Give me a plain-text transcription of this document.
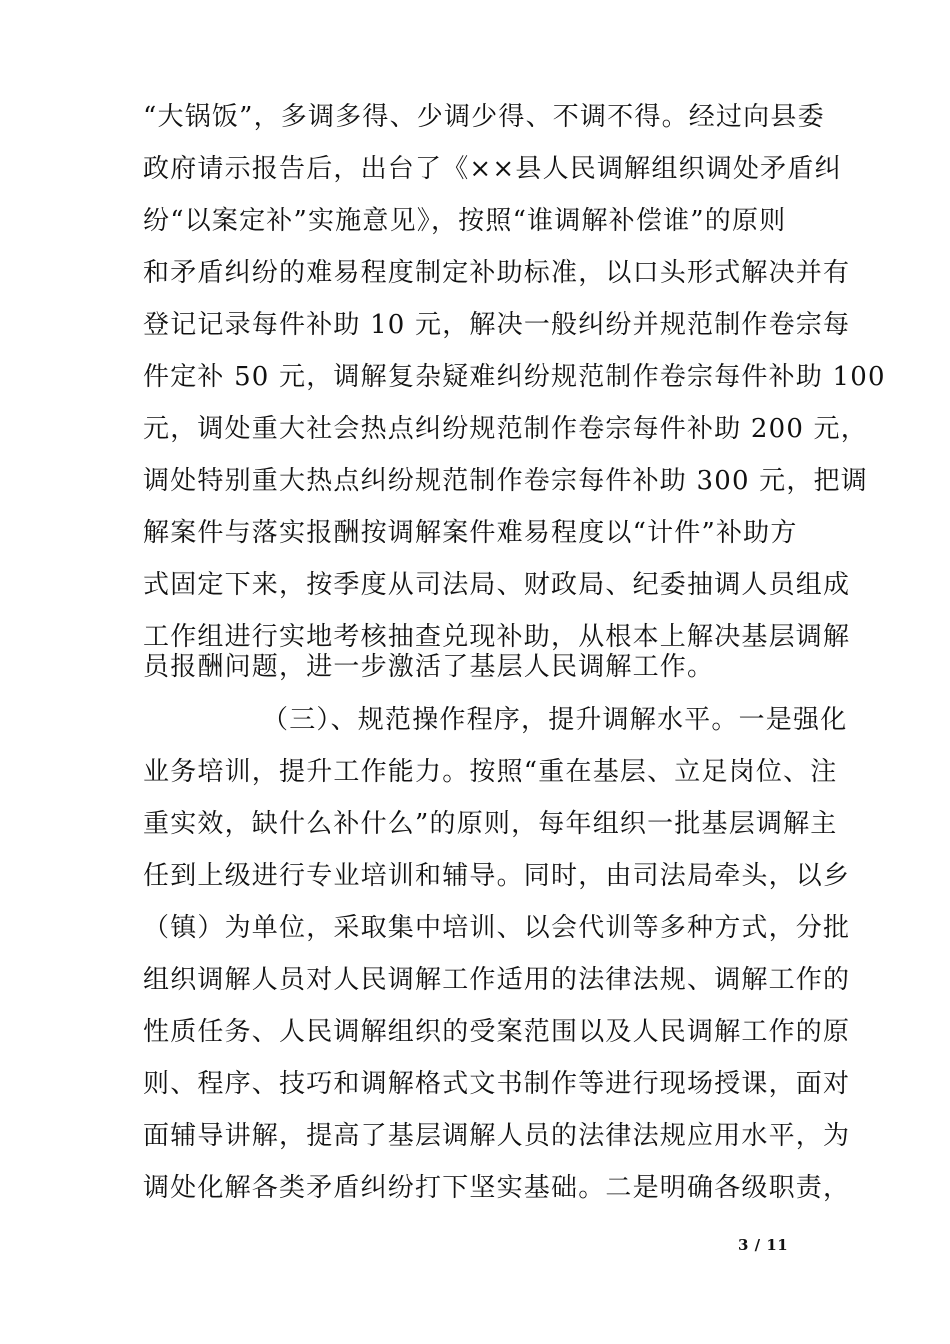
“大锅饭”，多调多得、少调少得、不调不得。经过向县委
政府请示报告后，出台了《××县人民调解组织调处矛盾纠
纷“以案定补”实施意见》，按照“谁调解补偿谁”的原则
和矛盾纠纷的难易程度制定补助标准，以口头形式解决并有
登记记录每件补助 10 元，解决一般纠纷并规范制作卷宗每
件定补 50 元，调解复杂疑难纠纷规范制作卷宗每件补助 100
元，调处重大社会热点纠纷规范制作卷宗每件补助 200 元，
调处特别重大热点纠纷规范制作卷宗每件补助 300 元，把调
解案件与落实报酬按调解案件难易程度以“计件”补助方
式固定下来，按季度从司法局、财政局、纪委抽调人员组成
工作组进行实地考核抽查兑现补助，从根本上解决基层调解
员报酬问题，进一步激活了基层人民调解工作。
（三）、规范操作程序，提升调解水平。一是强化
业务培训，提升工作能力。按照“重在基层、立足岗位、注
重实效，缺什么补什么”的原则，每年组织一批基层调解主
任到上级进行专业培训和辅导。同时，由司法局牵头，以乡
（镇）为单位，采取集中培训、以会代训等多种方式，分批
组织调解人员对人民调解工作适用的法律法规、调解工作的
性质任务、人民调解组织的受案范围以及人民调解工作的原
则、程序、技巧和调解格式文书制作等进行现场授课，面对
面辅导讲解，提高了基层调解人员的法律法规应用水平，为
调处化解各类矛盾纠纷打下坚实基础。二是明确各级职责，
3 / 11
